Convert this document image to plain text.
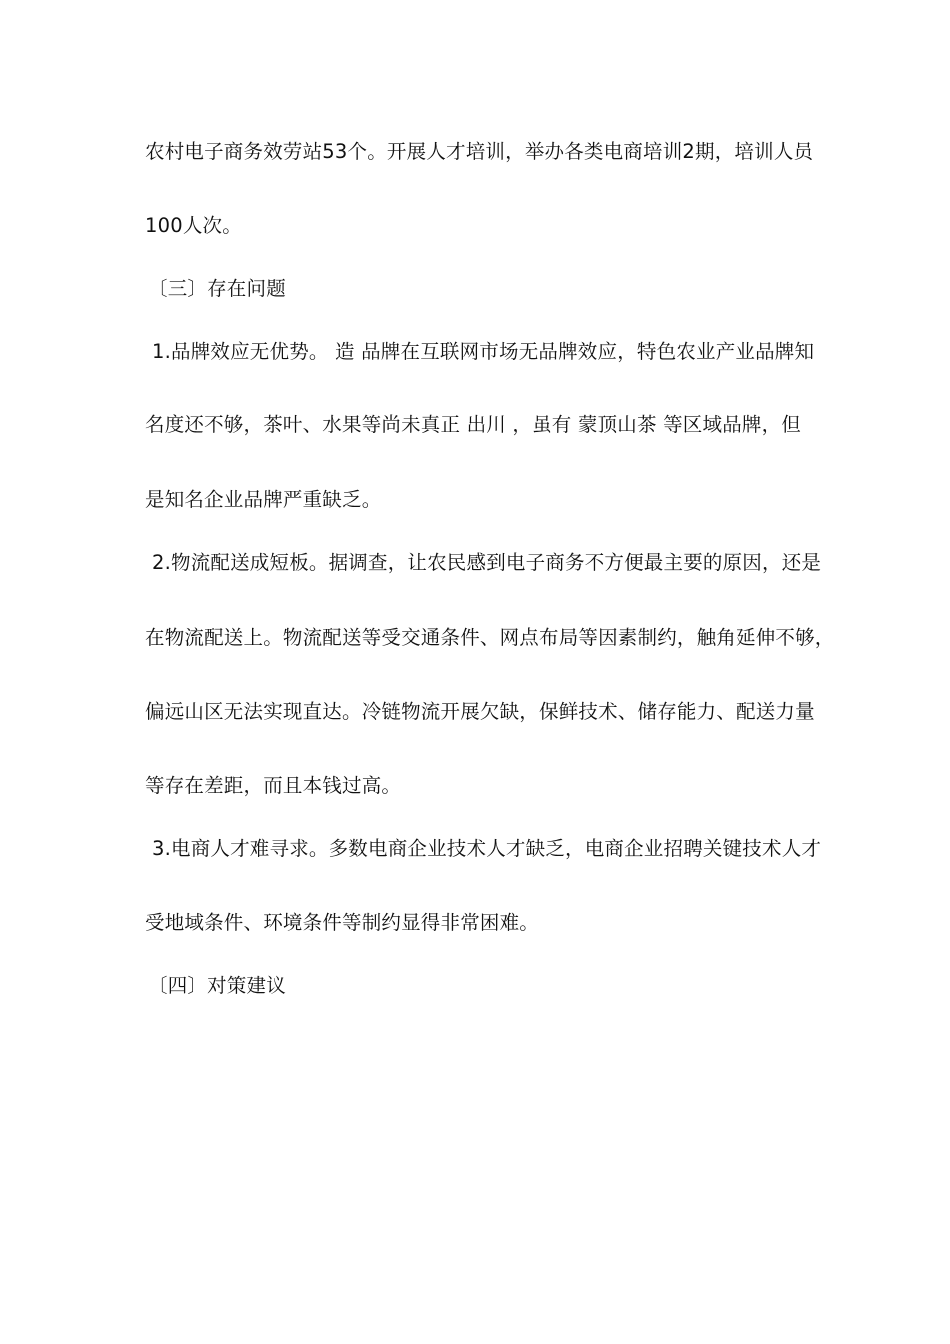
农村电子商务效劳站53个。开展人才培训，举办各类电商培训2期，培训人员
100人次。
〔三〕存在问题
1.品牌效应无优势。 造 品牌在互联网市场无品牌效应，特色农业产业品牌知
名度还不够，茶叶、水果等尚未真正 出川 ，虽有 蒙顶山茶 等区域品牌，但
是知名企业品牌严重缺乏。
2.物流配送成短板。据调查，让农民感到电子商务不方便最主要的原因，还是
在物流配送上。物流配送等受交通条件、网点布局等因素制约，触角延伸不够，
偏远山区无法实现直达。冷链物流开展欠缺，保鲜技术、储存能力、配送力量
等存在差距，而且本钱过高。
3.电商人才难寻求。多数电商企业技术人才缺乏，电商企业招聘关键技术人才
受地域条件、环境条件等制约显得非常困难。
〔四〕对策建议
